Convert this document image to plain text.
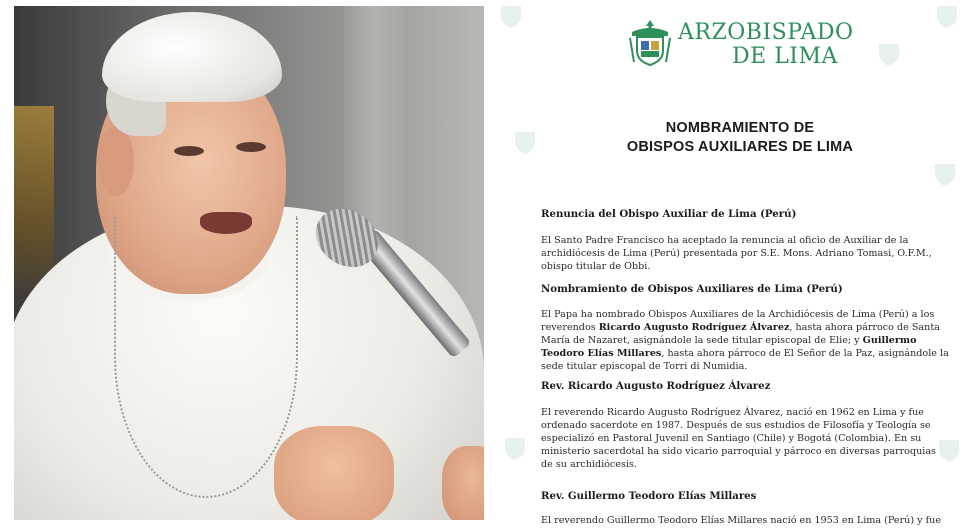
ARZOBISPADO
DE LIMA
NOMBRAMIENTO DE
OBISPOS AUXILIARES DE LIMA
Renuncia del Obispo Auxiliar de Lima (Perú)
El Santo Padre Francisco ha aceptado la renuncia al oficio de Auxiliar de la
archidiócesis de Lima (Perú) presentada por S.E. Mons. Adriano Tomasi, O.F.M.,
obispo titular de Obbi.
Nombramiento de Obispos Auxiliares de Lima (Perú)
El Papa ha nombrado Obispos Auxiliares de la Archidiócesis de Lima (Perú) a los
reverendos Ricardo Augusto Rodríguez Álvarez, hasta ahora párroco de Santa
María de Nazaret, asignándole la sede titular episcopal de Elie; y Guillermo
Teodoro Elías Millares, hasta ahora párroco de El Señor de la Paz, asignándole la
sede titular episcopal de Torri di Numidia.
Rev. Ricardo Augusto Rodríguez Álvarez
El reverendo Ricardo Augusto Rodríguez Álvarez, nació en 1962 en Lima y fue
ordenado sacerdote en 1987. Después de sus estudios de Filosofía y Teología se
especializó en Pastoral Juvenil en Santiago (Chile) y Bogotá (Colombia). En su
ministerio sacerdotal ha sido vicario parroquial y párroco en diversas parroquias
de su archidiócesis.
Rev. Guillermo Teodoro Elías Millares
El reverendo Guillermo Teodoro Elías Millares nació en 1953 en Lima (Perú) y fue
